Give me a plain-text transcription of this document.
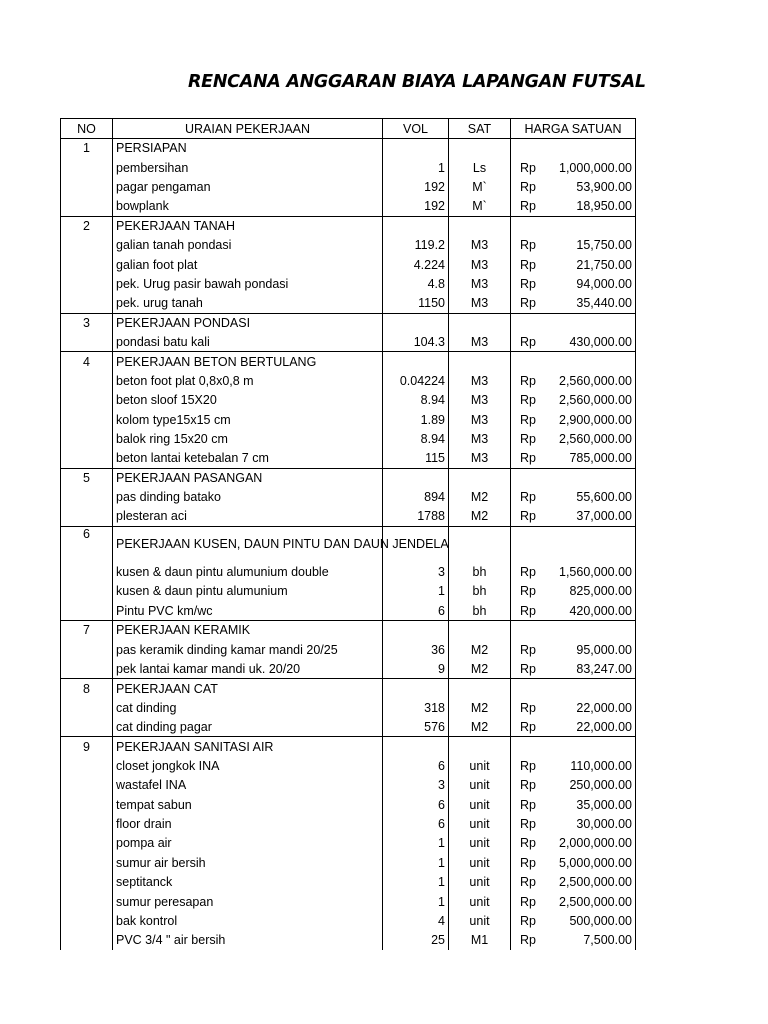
RENCANA ANGGARAN BIAYA LAPANGAN FUTSAL
NO	URAIAN PEKERJAAN	VOL	SAT	HARGA SATUAN
1	PERSIAPAN			
	pembersihan	1	Ls	Rp 1,000,000.00

	pagar pengaman	192	M`	Rp 53,900.00

	bowplank	192	M`	Rp 18,950.00

2	PEKERJAAN TANAH			
	galian tanah pondasi	119.2	M3	Rp 15,750.00

	galian foot plat	4.224	M3	Rp 21,750.00

	pek. Urug pasir bawah pondasi	4.8	M3	Rp 94,000.00

	pek. urug tanah	1150	M3	Rp 35,440.00

3	PEKERJAAN PONDASI			
	pondasi batu kali	104.3	M3	Rp 430,000.00

4	PEKERJAAN BETON BERTULANG			
	beton foot plat 0,8x0,8 m	0.04224	M3	Rp 2,560,000.00

	beton sloof 15X20	8.94	M3	Rp 2,560,000.00

	kolom type15x15 cm	1.89	M3	Rp 2,900,000.00

	balok ring 15x20 cm	8.94	M3	Rp 2,560,000.00

	beton lantai ketebalan 7 cm	115	M3	Rp 785,000.00

5	PEKERJAAN PASANGAN			
	pas dinding batako	894	M2	Rp 55,600.00

	plesteran aci	1788	M2	Rp 37,000.00

6	PEKERJAAN KUSEN, DAUN PINTU DAN DAUN JENDELA			
	kusen & daun pintu alumunium double	3	bh	Rp 1,560,000.00

	kusen & daun pintu alumunium	1	bh	Rp 825,000.00

	Pintu PVC km/wc	6	bh	Rp 420,000.00

7	PEKERJAAN KERAMIK			
	pas keramik dinding kamar mandi 20/25	36	M2	Rp 95,000.00

	pek lantai kamar mandi uk. 20/20	9	M2	Rp 83,247.00

8	PEKERJAAN CAT			
	cat dinding	318	M2	Rp 22,000.00

	cat dinding pagar	576	M2	Rp 22,000.00

9	PEKERJAAN SANITASI AIR			
	closet jongkok INA	6	unit	Rp 110,000.00

	wastafel INA	3	unit	Rp 250,000.00

	tempat sabun	6	unit	Rp 35,000.00

	floor drain	6	unit	Rp 30,000.00

	pompa air	1	unit	Rp 2,000,000.00

	sumur air bersih	1	unit	Rp 5,000,000.00

	septitanck	1	unit	Rp 2,500,000.00

	sumur peresapan	1	unit	Rp 2,500,000.00

	bak kontrol	4	unit	Rp 500,000.00

	PVC 3/4 " air bersih	25	M1	Rp 7,500.00
